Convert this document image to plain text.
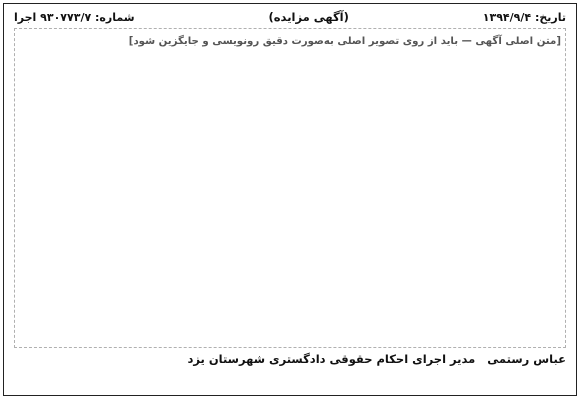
تاریخ: ۱۳۹۴/۹/۴
(آگهی مزایده)
شماره: ۹۳۰۷۷۳/۷ اجرا
[متن اصلی آگهی — باید از روی تصویر اصلی به‌صورت دقیق رونویسی و جایگزین شود]
عباس رستمی
مدیر اجرای احکام حقوقی دادگستری شهرستان یزد
